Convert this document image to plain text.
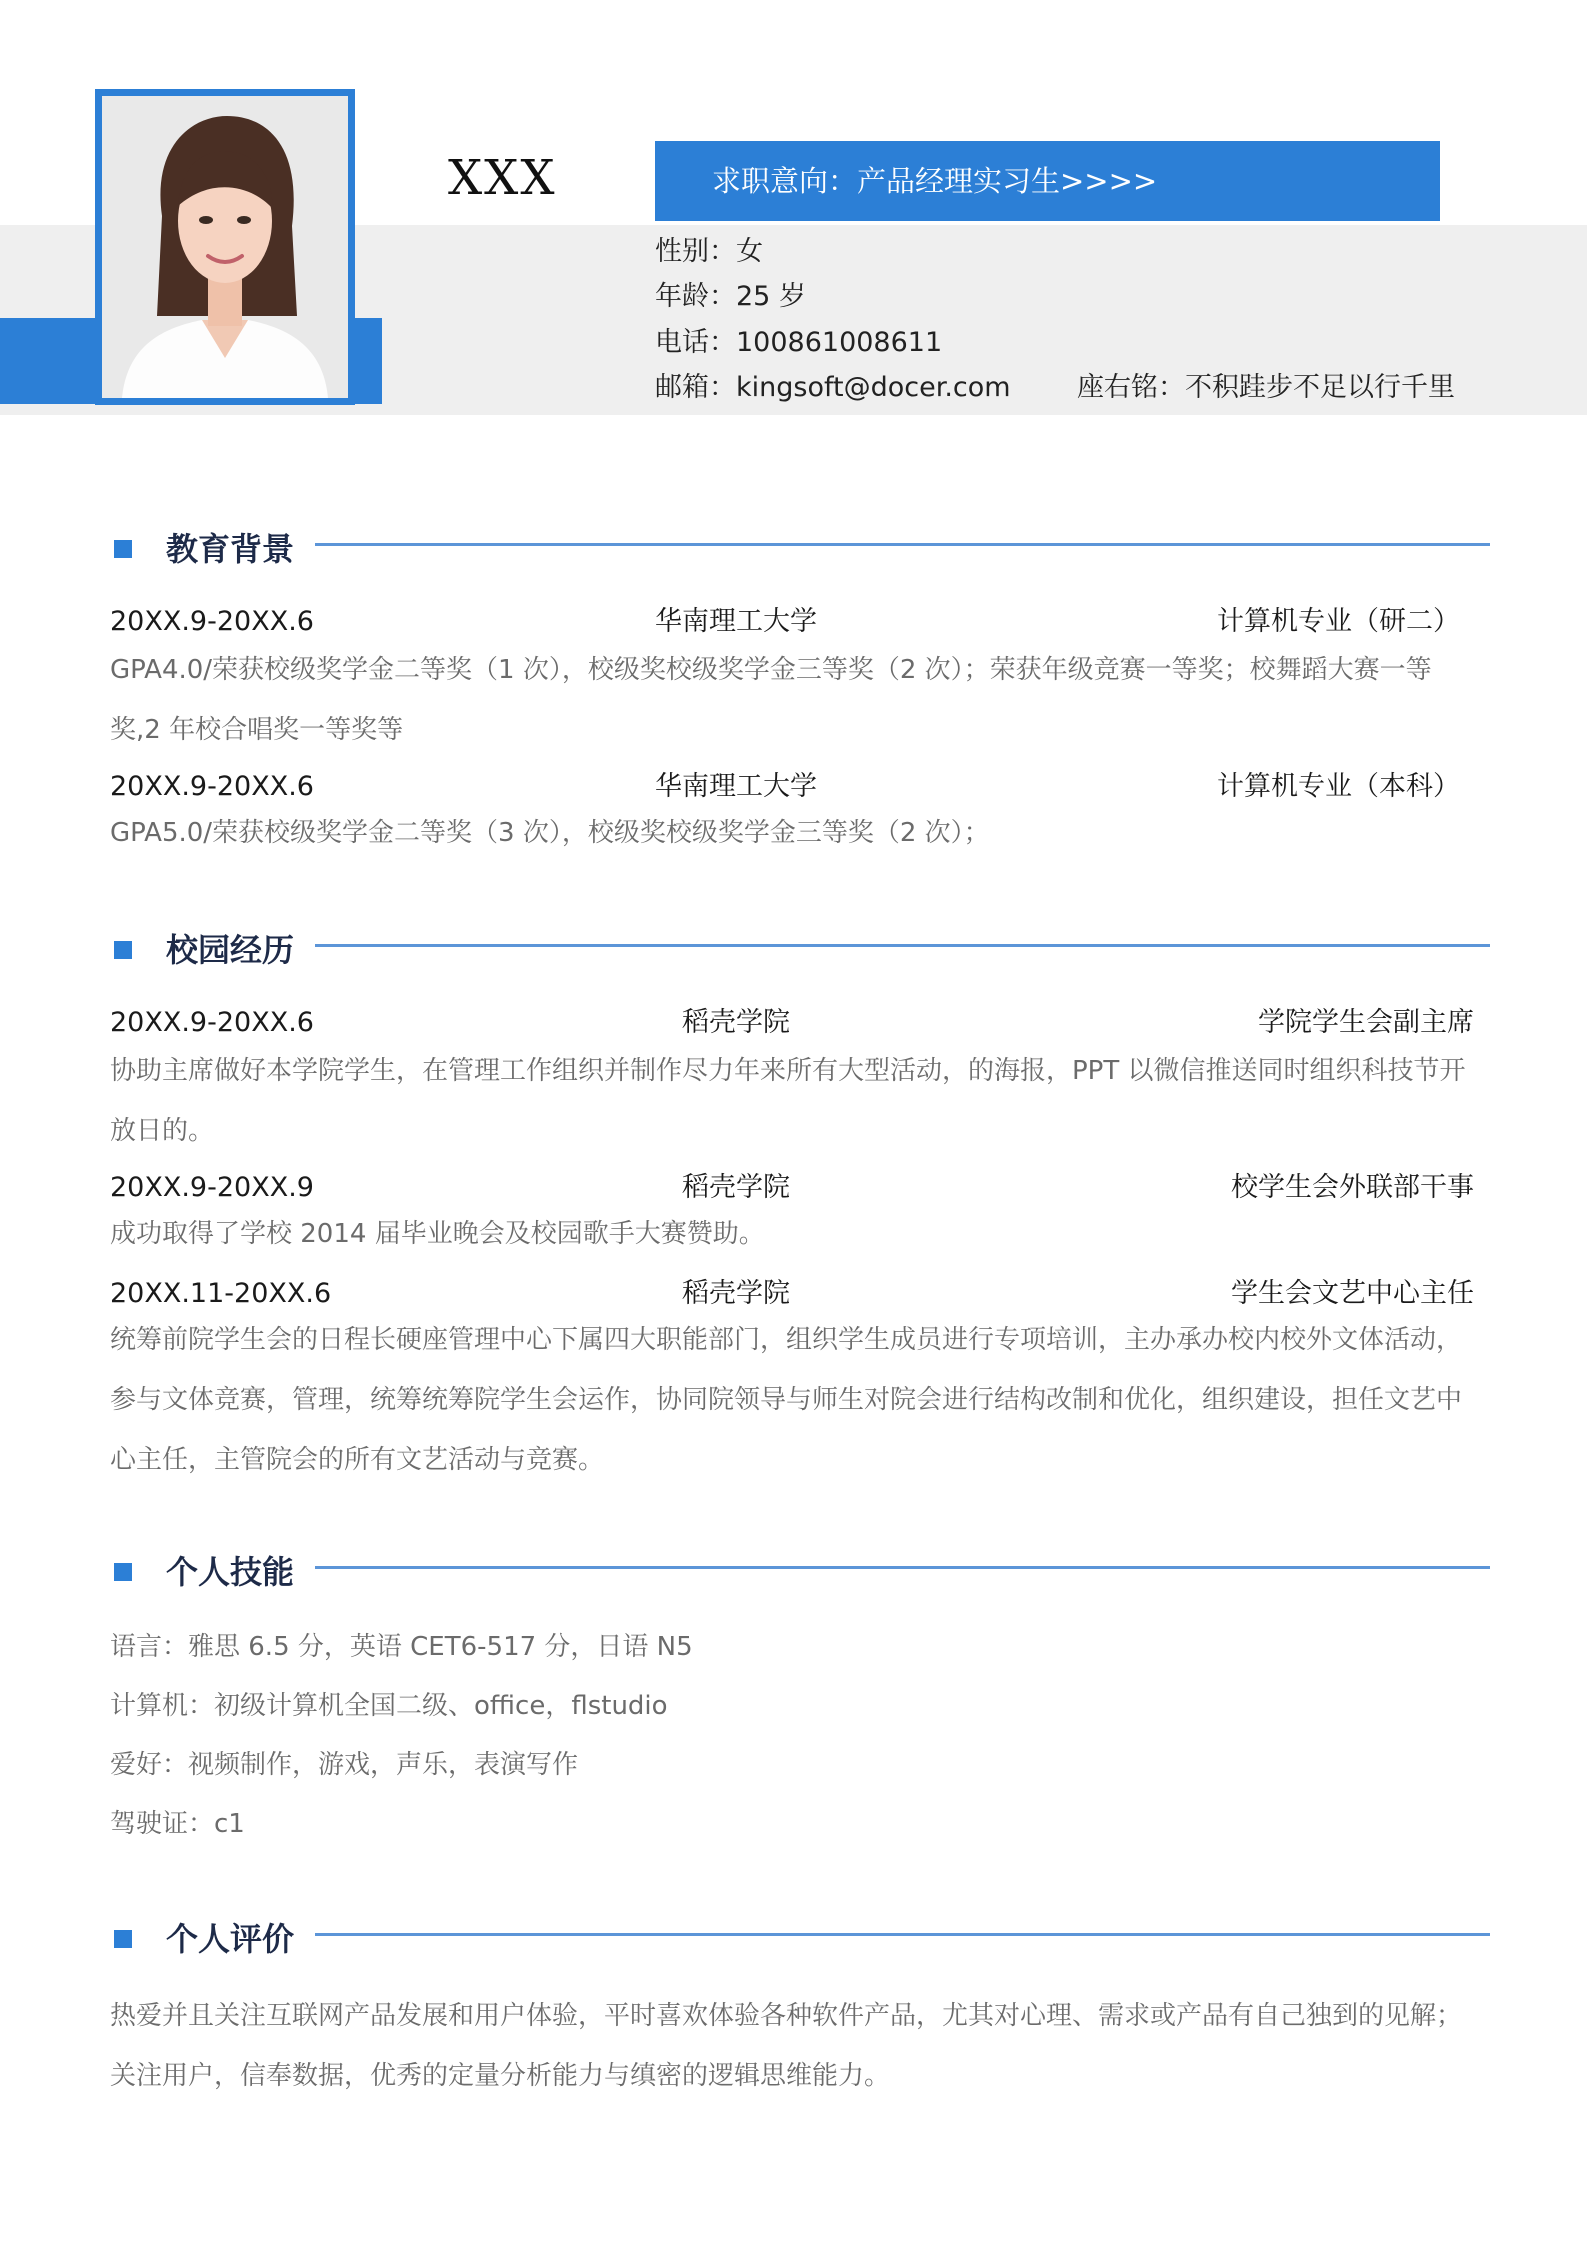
XXX	求职意向：产品经理实习生>>>>
性别：女
年龄：25 岁
电话：100861008611
邮箱：kingsoft@docer.com 座右铭：不积跬步不足以行千里
教育背景
20XX.9-20XX.6	华南理工大学	计算机专业（研二）
GPA4.0/荣获校级奖学金二等奖（1 次），校级奖校级奖学金三等奖（2 次）；荣获年级竞赛一等奖；校舞蹈大赛一等奖,2 年校合唱奖一等奖等
20XX.9-20XX.6	华南理工大学	计算机专业（本科）
GPA5.0/荣获校级奖学金二等奖（3 次），校级奖校级奖学金三等奖（2 次）；
校园经历
20XX.9-20XX.6	稻壳学院	学院学生会副主席
协助主席做好本学院学生，在管理工作组织并制作尽力年来所有大型活动，的海报，PPT 以微信推送同时组织科技节开放日的。
20XX.9-20XX.9	稻壳学院	校学生会外联部干事
成功取得了学校 2014 届毕业晚会及校园歌手大赛赞助。
20XX.11-20XX.6	稻壳学院	学生会文艺中心主任
统筹前院学生会的日程长硬座管理中心下属四大职能部门，组织学生成员进行专项培训，主办承办校内校外文体活动，参与文体竞赛，管理，统筹统筹院学生会运作，协同院领导与师生对院会进行结构改制和优化，组织建设，担任文艺中心主任，主管院会的所有文艺活动与竞赛。
个人技能
语言：雅思 6.5 分，英语 CET6-517 分，日语 N5
计算机：初级计算机全国二级、office，flstudio
爱好：视频制作，游戏，声乐，表演写作
驾驶证：c1
个人评价
热爱并且关注互联网产品发展和用户体验，平时喜欢体验各种软件产品，尤其对心理、需求或产品有自己独到的见解；关注用户，信奉数据，优秀的定量分析能力与缜密的逻辑思维能力。
